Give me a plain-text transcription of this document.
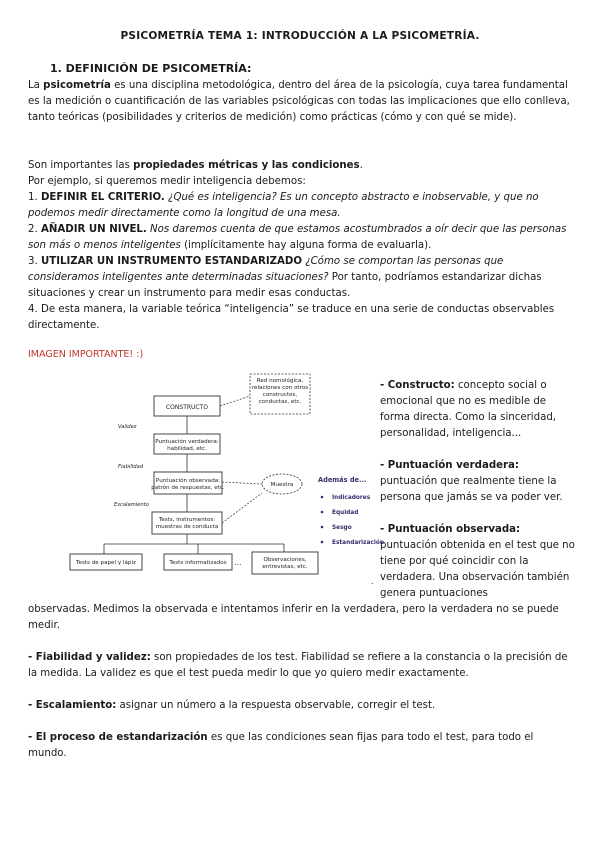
PSICOMETRÍA TEMA 1: INTRODUCCIÓN A LA PSICOMETRÍA.
1. DEFINICIÓN DE PSICOMETRÍA:

La psicometría es una disciplina metodológica, dentro del área de la psicología, cuya tarea fundamental es la medición o cuantificación de las variables psicológicas con todas las implicaciones que ello conlleva, tanto teóricas (posibilidades y criterios de medición) como prácticas (cómo y con qué se mide).

Son importantes las propiedades métricas y las condiciones.

Por ejemplo, si queremos medir inteligencia debemos:

1. DEFINIR EL CRITERIO. ¿Qué es inteligencia? Es un concepto abstracto e inobservable, y que no podemos medir directamente como la longitud de una mesa.

2. AÑADIR UN NIVEL. Nos daremos cuenta de que estamos acostumbrados a oír decir que las personas son más o menos inteligentes (implícitamente hay alguna forma de evaluarla).

3. UTILIZAR UN INSTRUMENTO ESTANDARIZADO ¿Cómo se comportan las personas que consideramos inteligentes ante determinadas situaciones? Por tanto, podríamos estandarizar dichas situaciones y crear un instrumento para medir esas conductas.

4. De esta manera, la variable teórica “inteligencia” se traduce en una serie de conductas observables directamente.

IMAGEN IMPORTANTE! :)

Red nomológica,
relaciones con otros
constructos,
conductas, etc.
CONSTRUCTO
Validez
Puntuación verdadera:
habilidad, etc.
Fiabilidad
Muestra
Puntuación observada:
patrón de respuestas, etc.
Escalamiento
Tests, instrumentos:
muestras de conducta
Tests de papel y lápiz	Tests informatizados …	Observaciones,
entrevistas, etc.
Además de...
Indicadores
Equidad
Sesgo
Estandarización
.

- Constructo: concepto social o emocional que no es medible de forma directa. Como la sinceridad, personalidad, inteligencia...

- Puntuación verdadera: puntuación que realmente tiene la persona que jamás se va poder ver.

- Puntuación observada: puntuación obtenida en el test que no tiene por qué coincidir con la verdadera. Una observación también genera puntuaciones

observadas. Medimos la observada e intentamos inferir en la verdadera, pero la verdadera no se puede medir.

- Fiabilidad y validez: son propiedades de los test. Fiabilidad se refiere a la constancia o la precisión de la medida. La validez es que el test pueda medir lo que yo quiero medir exactamente.

- Escalamiento: asignar un número a la respuesta observable, corregir el test.

- El proceso de estandarización es que las condiciones sean fijas para todo el test, para todo el mundo.
